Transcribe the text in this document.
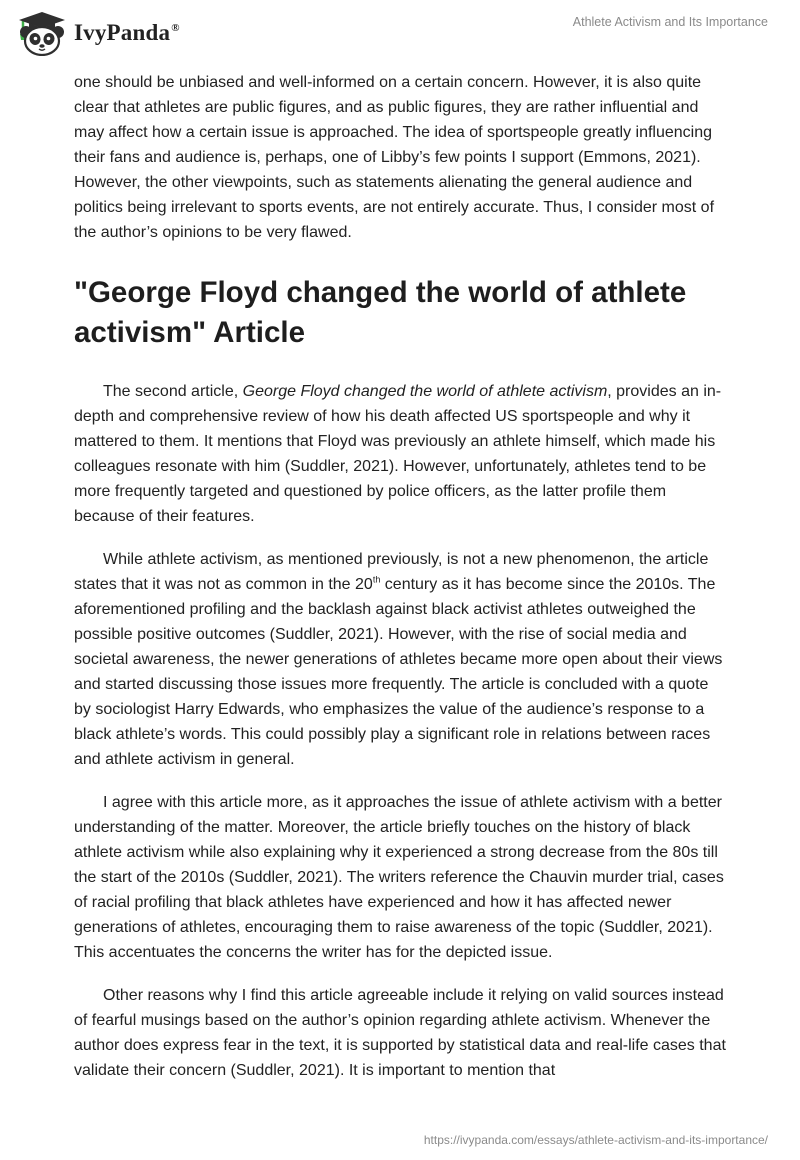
IvyPanda®	Athlete Activism and Its Importance

one should be unbiased and well-informed on a certain concern. However, it is also quite clear that athletes are public figures, and as public figures, they are rather influential and may affect how a certain issue is approached. The idea of sportspeople greatly influencing their fans and audience is, perhaps, one of Libby’s few points I support (Emmons, 2021). However, the other viewpoints, such as statements alienating the general audience and politics being irrelevant to sports events, are not entirely accurate. Thus, I consider most of the author’s opinions to be very flawed.

"George Floyd changed the world of athlete activism" Article

The second article, George Floyd changed the world of athlete activism, provides an in-depth and comprehensive review of how his death affected US sportspeople and why it mattered to them. It mentions that Floyd was previously an athlete himself, which made his colleagues resonate with him (Suddler, 2021). However, unfortunately, athletes tend to be more frequently targeted and questioned by police officers, as the latter profile them because of their features.

While athlete activism, as mentioned previously, is not a new phenomenon, the article states that it was not as common in the 20th century as it has become since the 2010s. The aforementioned profiling and the backlash against black activist athletes outweighed the possible positive outcomes (Suddler, 2021). However, with the rise of social media and societal awareness, the newer generations of athletes became more open about their views and started discussing those issues more frequently. The article is concluded with a quote by sociologist Harry Edwards, who emphasizes the value of the audience’s response to a black athlete’s words. This could possibly play a significant role in relations between races and athlete activism in general.

I agree with this article more, as it approaches the issue of athlete activism with a better understanding of the matter. Moreover, the article briefly touches on the history of black athlete activism while also explaining why it experienced a strong decrease from the 80s till the start of the 2010s (Suddler, 2021). The writers reference the Chauvin murder trial, cases of racial profiling that black athletes have experienced and how it has affected newer generations of athletes, encouraging them to raise awareness of the topic (Suddler, 2021). This accentuates the concerns the writer has for the depicted issue.

Other reasons why I find this article agreeable include it relying on valid sources instead of fearful musings based on the author’s opinion regarding athlete activism. Whenever the author does express fear in the text, it is supported by statistical data and real-life cases that validate their concern (Suddler, 2021). It is important to mention that

https://ivypanda.com/essays/athlete-activism-and-its-importance/
